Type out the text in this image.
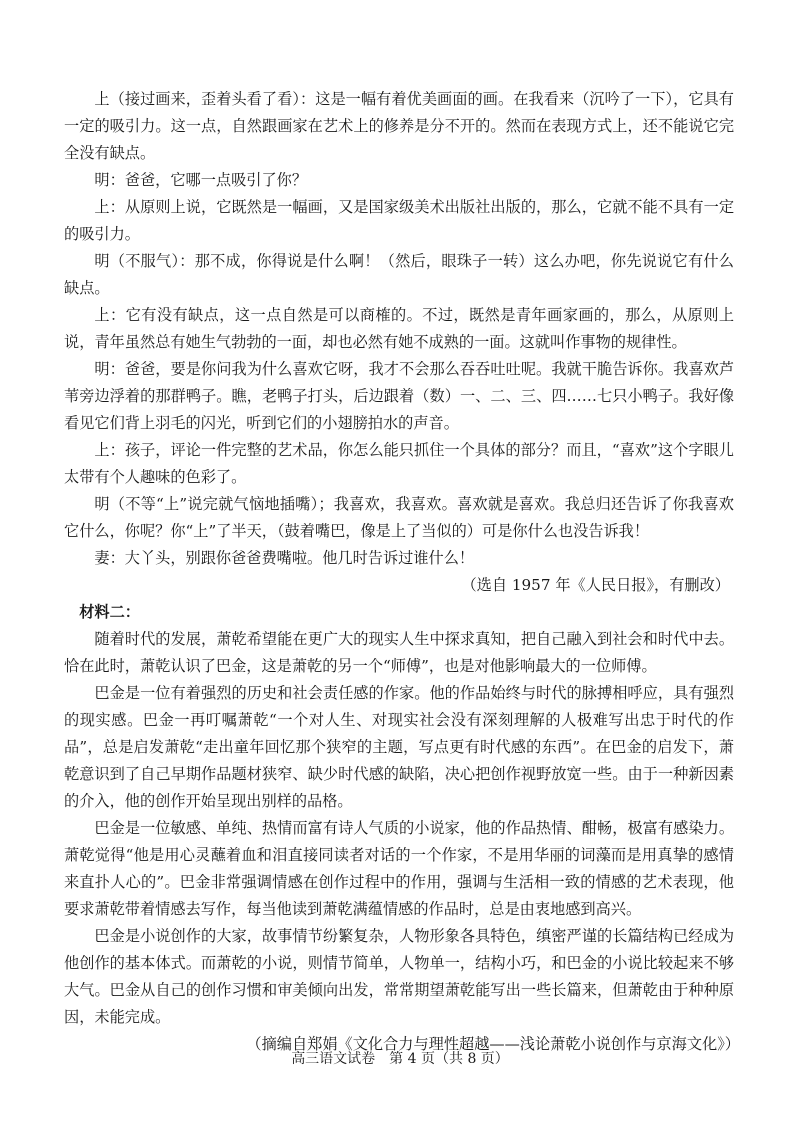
上（接过画来，歪着头看了看）：这是一幅有着优美画面的画。在我看来（沉吟了一下），它具有一定的吸引力。这一点，自然跟画家在艺术上的修养是分不开的。然而在表现方式上，还不能说它完全没有缺点。

明：爸爸，它哪一点吸引了你？

上：从原则上说，它既然是一幅画，又是国家级美术出版社出版的，那么，它就不能不具有一定的吸引力。

明（不服气）：那不成，你得说是什么啊！（然后，眼珠子一转）这么办吧，你先说说它有什么缺点。

上：它有没有缺点，这一点自然是可以商榷的。不过，既然是青年画家画的，那么，从原则上说，青年虽然总有她生气勃勃的一面，却也必然有她不成熟的一面。这就叫作事物的规律性。

明：爸爸，要是你问我为什么喜欢它呀，我才不会那么吞吞吐吐呢。我就干脆告诉你。我喜欢芦苇旁边浮着的那群鸭子。瞧，老鸭子打头，后边跟着（数）一、二、三、四……七只小鸭子。我好像看见它们背上羽毛的闪光，听到它们的小翅膀拍水的声音。

上：孩子，评论一件完整的艺术品，你怎么能只抓住一个具体的部分？而且，“喜欢”这个字眼儿太带有个人趣味的色彩了。

明（不等“上”说完就气恼地插嘴）；我喜欢，我喜欢。喜欢就是喜欢。我总归还告诉了你我喜欢它什么，你呢？你“上”了半天，（鼓着嘴巴，像是上了当似的）可是你什么也没告诉我！

妻：大丫头，别跟你爸爸费嘴啦。他几时告诉过谁什么！

（选自 1957 年《人民日报》，有删改）

材料二：

随着时代的发展，萧乾希望能在更广大的现实人生中探求真知，把自己融入到社会和时代中去。恰在此时，萧乾认识了巴金，这是萧乾的另一个“师傅”，也是对他影响最大的一位师傅。

巴金是一位有着强烈的历史和社会责任感的作家。他的作品始终与时代的脉搏相呼应，具有强烈的现实感。巴金一再叮嘱萧乾“一个对人生、对现实社会没有深刻理解的人极难写出忠于时代的作品”，总是启发萧乾“走出童年回忆那个狭窄的主题，写点更有时代感的东西”。在巴金的启发下，萧乾意识到了自己早期作品题材狭窄、缺少时代感的缺陷，决心把创作视野放宽一些。由于一种新因素的介入，他的创作开始呈现出别样的品格。

巴金是一位敏感、单纯、热情而富有诗人气质的小说家，他的作品热情、酣畅，极富有感染力。萧乾觉得“他是用心灵蘸着血和泪直接同读者对话的一个作家，不是用华丽的词藻而是用真挚的感情来直扑人心的”。巴金非常强调情感在创作过程中的作用，强调与生活相一致的情感的艺术表现，他要求萧乾带着情感去写作，每当他读到萧乾满蕴情感的作品时，总是由衷地感到高兴。

巴金是小说创作的大家，故事情节纷繁复杂，人物形象各具特色，缜密严谨的长篇结构已经成为他创作的基本体式。而萧乾的小说，则情节简单，人物单一，结构小巧，和巴金的小说比较起来不够大气。巴金从自己的创作习惯和审美倾向出发，常常期望萧乾能写出一些长篇来，但萧乾由于种种原因，未能完成。

（摘编自郑娟《文化合力与理性超越——浅论萧乾小说创作与京海文化》）

高三语文试卷　第 4 页（共 8 页）
